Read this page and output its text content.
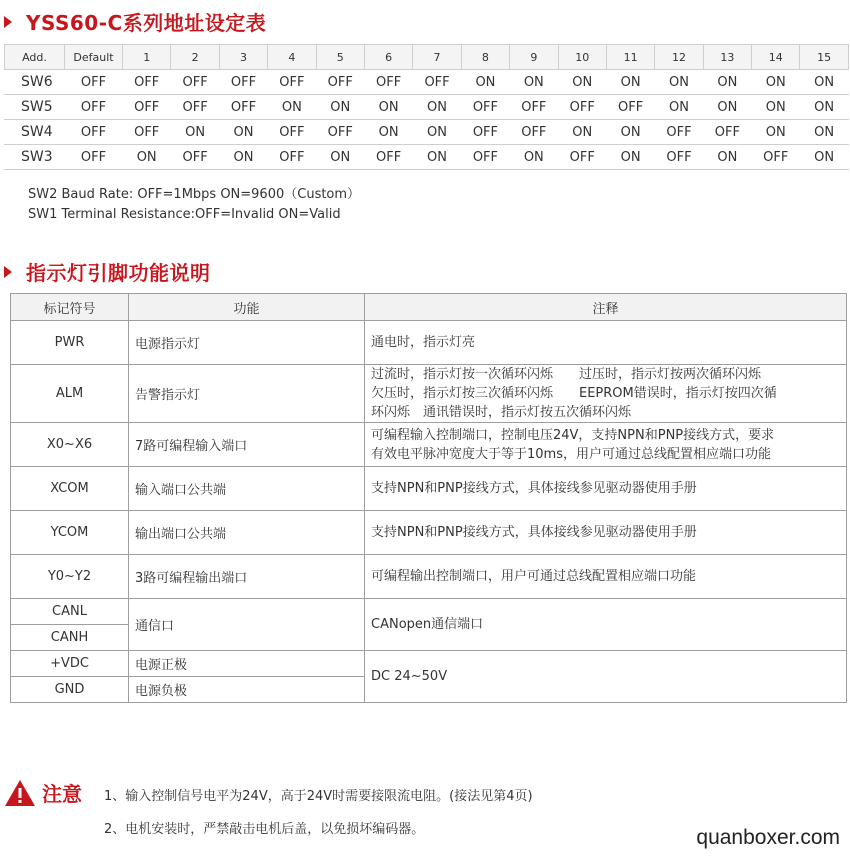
YSS60-C系列地址设定表
Add.	Default	1	2	3	4	5	6	7	8	9	10	11	12	13	14	15
SW6	OFF	OFF	OFF	OFF	OFF	OFF	OFF	OFF	ON	ON	ON	ON	ON	ON	ON	ON
SW5	OFF	OFF	OFF	OFF	ON	ON	ON	ON	OFF	OFF	OFF	OFF	ON	ON	ON	ON
SW4	OFF	OFF	ON	ON	OFF	OFF	ON	ON	OFF	OFF	ON	ON	OFF	OFF	ON	ON
SW3	OFF	ON	OFF	ON	OFF	ON	OFF	ON	OFF	ON	OFF	ON	OFF	ON	OFF	ON
SW2 Baud Rate: OFF=1Mbps ON=9600（Custom）
SW1 Terminal Resistance:OFF=Invalid ON=Valid
指示灯引脚功能说明
标记符号	功能	注释
PWR	电源指示灯	通电时，指示灯亮

ALM	告警指示灯	过流时，指示灯按一次循环闪烁　　过压时，指示灯按两次循环闪烁
欠压时，指示灯按三次循环闪烁　　EEPROM错误时，指示灯按四次循
环闪烁　通讯错误时，指示灯按五次循环闪烁

X0~X6	7路可编程输入端口	可编程输入控制端口，控制电压24V，支持NPN和PNP接线方式，要求
有效电平脉冲宽度大于等于10ms，用户可通过总线配置相应端口功能

XCOM	输入端口公共端	支持NPN和PNP接线方式，具体接线参见驱动器使用手册

YCOM	输出端口公共端	支持NPN和PNP接线方式，具体接线参见驱动器使用手册

Y0~Y2	3路可编程输出端口	可编程输出控制端口，用户可通过总线配置相应端口功能

CANL	通信口	CANopen通信端口
CANH		
+VDC	电源正极	DC 24~50V
GND	电源负极	
注意 1、输入控制信号电平为24V，高于24V时需要接限流电阻。(接法见第4页)
2、电机安装时，严禁敲击电机后盖，以免损坏编码器。	quanboxer.com
